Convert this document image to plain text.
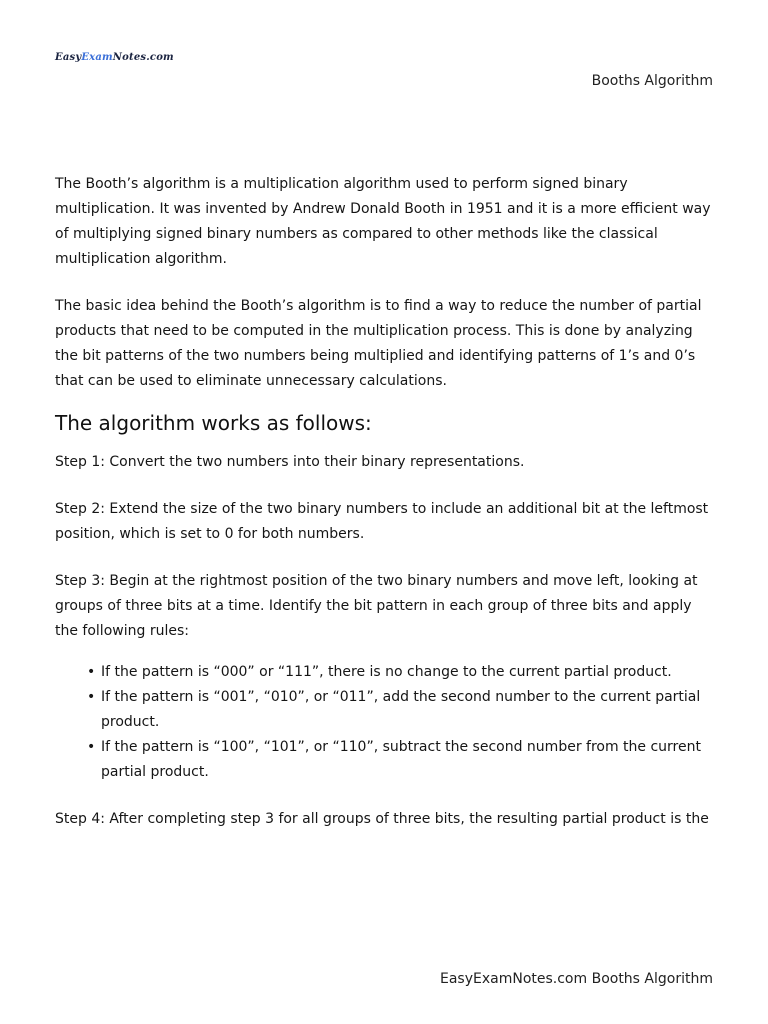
EasyExamNotes.com
Booths Algorithm

The Booth’s algorithm is a multiplication algorithm used to perform signed binary multiplication. It was invented by Andrew Donald Booth in 1951 and it is a more efficient way of multiplying signed binary numbers as compared to other methods like the classical multiplication algorithm.

The basic idea behind the Booth’s algorithm is to find a way to reduce the number of partial products that need to be computed in the multiplication process. This is done by analyzing the bit patterns of the two numbers being multiplied and identifying patterns of 1’s and 0’s that can be used to eliminate unnecessary calculations.

The algorithm works as follows:

Step 1: Convert the two numbers into their binary representations.

Step 2: Extend the size of the two binary numbers to include an additional bit at the leftmost position, which is set to 0 for both numbers.

Step 3: Begin at the rightmost position of the two binary numbers and move left, looking at groups of three bits at a time. Identify the bit pattern in each group of three bits and apply the following rules:

• If the pattern is “000” or “111”, there is no change to the current partial product.
• If the pattern is “001”, “010”, or “011”, add the second number to the current partial product.
• If the pattern is “100”, “101”, or “110”, subtract the second number from the current partial product.

Step 4: After completing step 3 for all groups of three bits, the resulting partial product is the

EasyExamNotes.com Booths Algorithm
